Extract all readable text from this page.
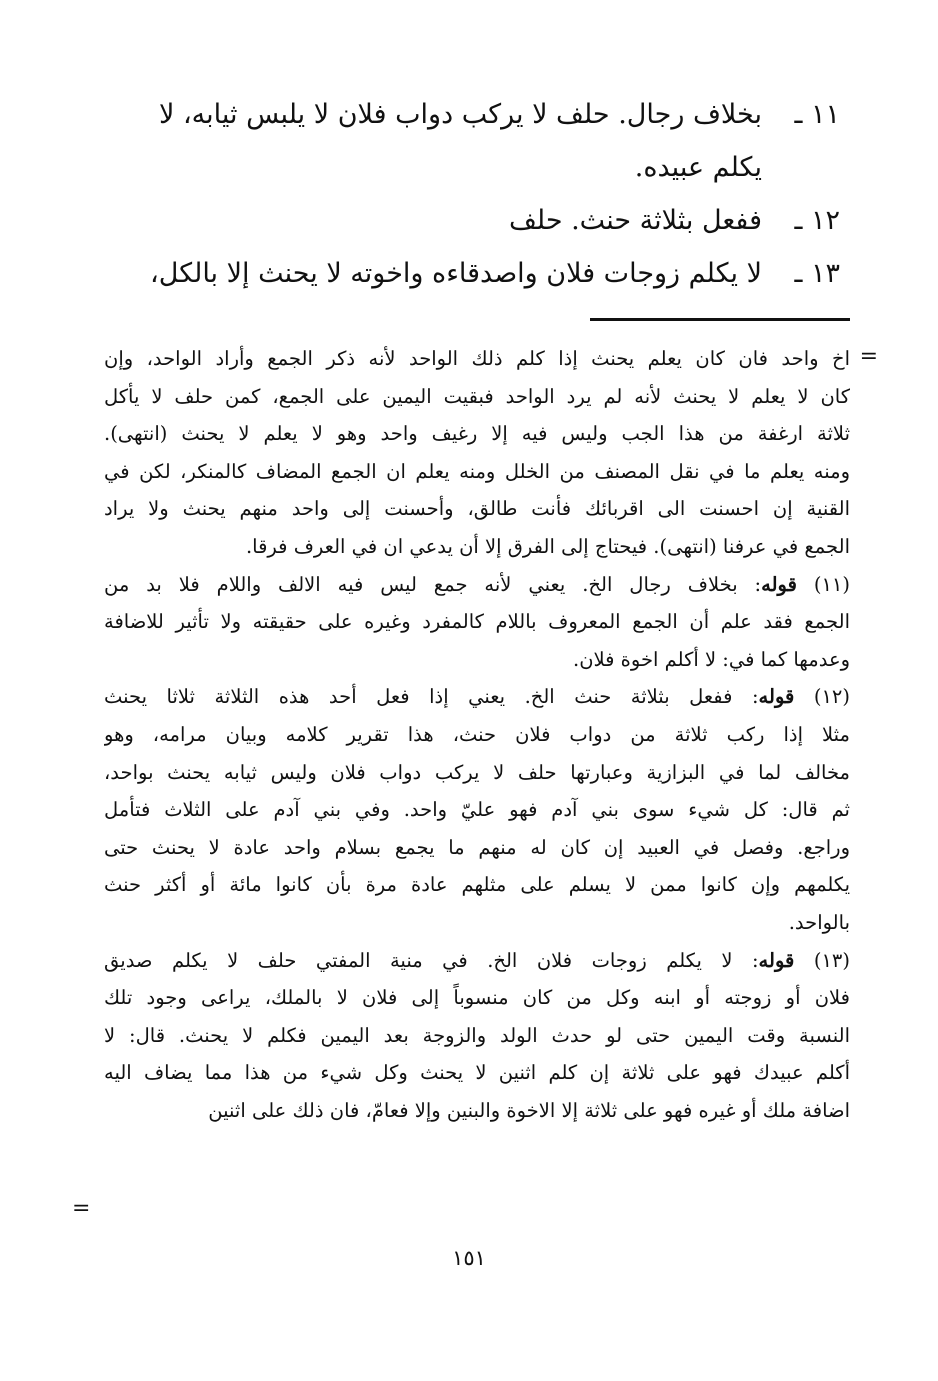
١١ ـبخلاف رجال. حلف لا يركب دواب فلان لا يلبس ثيابه، لا

يكلم عبيده.

١٢ ـففعل بثلاثة حنث. حلف

١٣ ـلا يكلم زوجات فلان واصدقاءه واخوته لا يحنث إلا بالكل،

=

اخ واحد فان كان يعلم يحنث إذا كلم ذلك الواحد لأنه ذكر الجمع وأراد الواحد، وإن

كان لا يعلم لا يحنث لأنه لم يرد الواحد فبقيت اليمين على الجمع، كمن حلف لا يأكل

ثلاثة ارغفة من هذا الجب وليس فيه إلا رغيف واحد وهو لا يعلم لا يحنث (انتهى).

ومنه يعلم ما في نقل المصنف من الخلل ومنه يعلم ان الجمع المضاف كالمنكر، لكن في

القنية إن احسنت الى اقربائك فأنت طالق، وأحسنت إلى واحد منهم يحنث ولا يراد

الجمع في عرفنا (انتهى). فيحتاج إلى الفرق إلا أن يدعي ان في العرف فرقا.

(١١) قوله: بخلاف رجال الخ. يعني لأنه جمع ليس فيه الالف واللام فلا بد من

الجمع فقد علم أن الجمع المعروف باللام كالمفرد وغيره على حقيقته ولا تأثير للاضافة

وعدمها كما في: لا أكلم اخوة فلان.

(١٢) قوله: ففعل بثلاثة حنث الخ. يعني إذا فعل أحد هذه الثلاثة ثلاثا يحنث

مثلا إذا ركب ثلاثة من دواب فلان حنث، هذا تقرير كلامه وبيان مرامه، وهو

مخالف لما في البزازية وعبارتها حلف لا يركب دواب فلان وليس ثيابه يحنث بواحد،

ثم قال: كل شيء سوى بني آدم فهو عليّ واحد. وفي بني آدم على الثلاث فتأمل

وراجع. وفصل في العبيد إن كان له منهم ما يجمع بسلام واحد عادة لا يحنث حتى

يكلمهم وإن كانوا ممن لا يسلم على مثلهم عادة مرة بأن كانوا مائة أو أكثر حنث

بالواحد.

(١٣) قوله: لا يكلم زوجات فلان الخ. في منية المفتي حلف لا يكلم صديق

فلان أو زوجته أو ابنه وكل من كان منسوباً إلى فلان لا بالملك، يراعى وجود تلك

النسبة وقت اليمين حتى لو حدث الولد والزوجة بعد اليمين فكلم لا يحنث. قال: لا

أكلم عبيدك فهو على ثلاثة إن كلم اثنين لا يحنث وكل شيء من هذا مما يضاف اليه

اضافة ملك أو غيره فهو على ثلاثة إلا الاخوة والبنين وإلا فعامّ، فان ذلك على اثنين

=
١٥١
